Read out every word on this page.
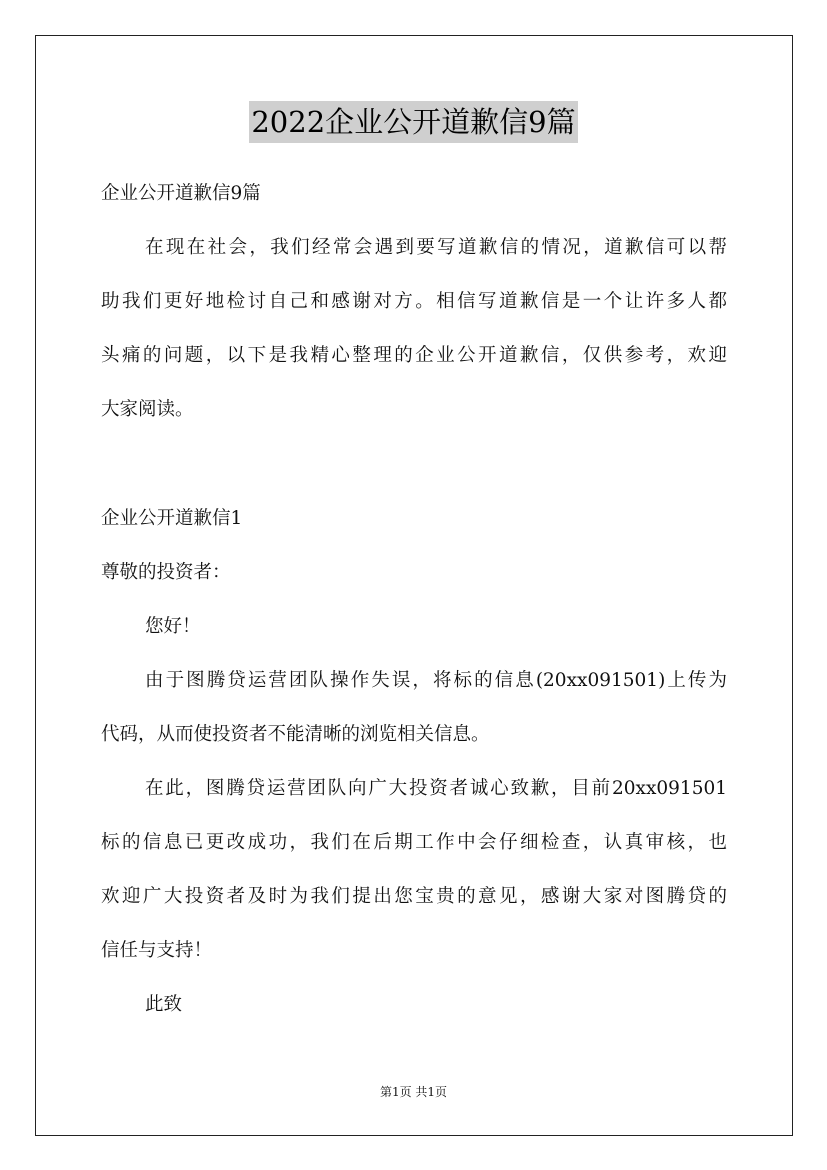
2022企业公开道歉信9篇
企业公开道歉信9篇
在现在社会，我们经常会遇到要写道歉信的情况，道歉信可以帮
助我们更好地检讨自己和感谢对方。相信写道歉信是一个让许多人都
头痛的问题，以下是我精心整理的企业公开道歉信，仅供参考，欢迎
大家阅读。
企业公开道歉信1
尊敬的投资者：
您好！
由于图腾贷运营团队操作失误，将标的信息(20xx091501)上传为
代码，从而使投资者不能清晰的浏览相关信息。
在此，图腾贷运营团队向广大投资者诚心致歉，目前20xx091501
标的信息已更改成功，我们在后期工作中会仔细检查，认真审核，也
欢迎广大投资者及时为我们提出您宝贵的意见，感谢大家对图腾贷的
信任与支持！
此致
第1页 共1页
